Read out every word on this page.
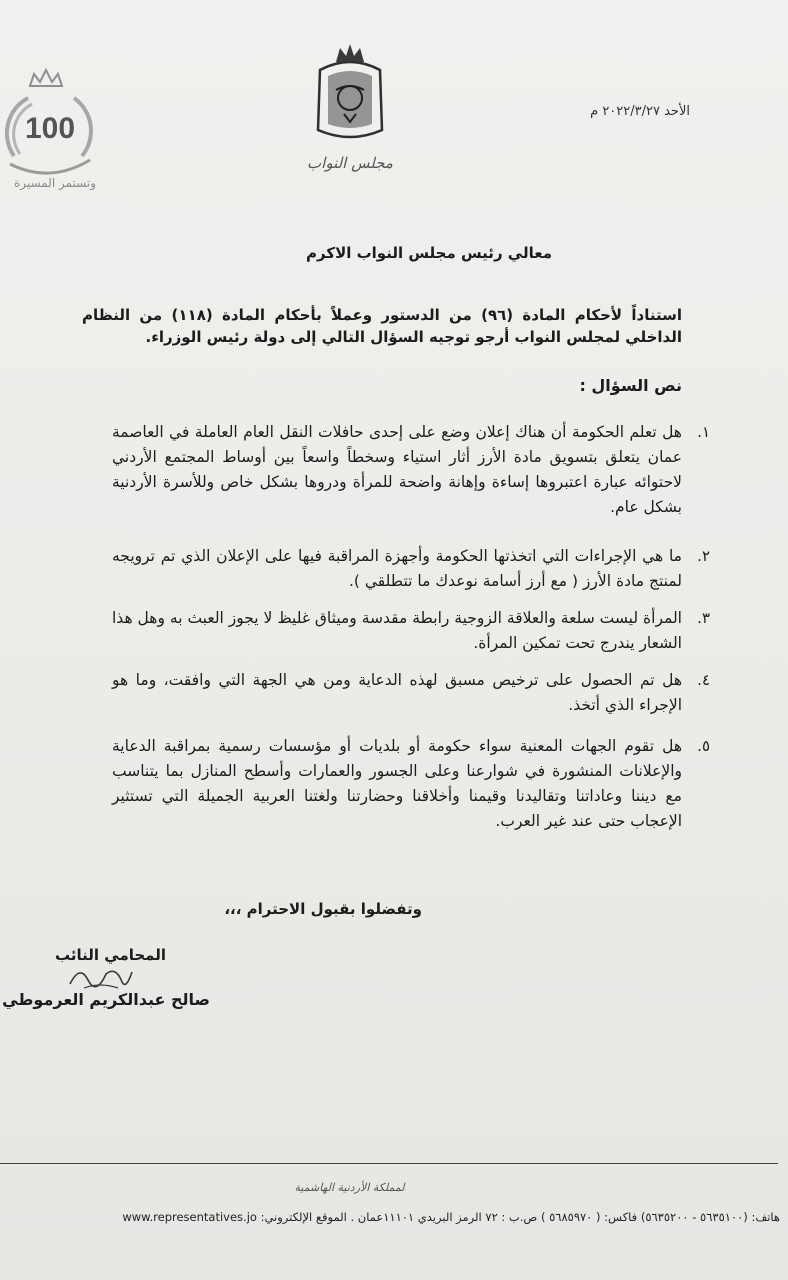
100
وتستمر المسيرة
مجلس النواب
الأحد ٢٠٢٢/٣/٢٧ م
معالي رئيس مجلس النواب الاكرم
استناداً لأحكام المادة (٩٦) من الدستور وعملاً بأحكام المادة (١١٨) من النظام الداخلي لمجلس النواب أرجو توجيه السؤال التالي إلى دولة رئيس الوزراء.
نص السؤال :
١.
هل تعلم الحكومة أن هناك إعلان وضع على إحدى حافلات النقل العام العاملة في العاصمة عمان يتعلق بتسويق مادة الأرز أثار استياء وسخطاً واسعاً بين أوساط المجتمع الأردني لاحتوائه عبارة اعتبروها إساءة وإهانة واضحة للمرأة ودروها بشكل خاص وللأسرة الأردنية بشكل عام.
٢.
ما هي الإجراءات التي اتخذتها الحكومة وأجهزة المراقبة فيها على الإعلان الذي تم ترويجه لمنتج مادة الأرز ( مع أرز أسامة نوعدك ما تتطلقي ).
٣.
المرأة ليست سلعة والعلاقة الزوجية رابطة مقدسة وميثاق غليظ لا يجوز العبث به وهل هذا الشعار يندرج تحت تمكين المرأة.
٤.
هل تم الحصول على ترخيص مسبق لهذه الدعاية ومن هي الجهة التي وافقت، وما هو الإجراء الذي أتخذ.
٥.
هل تقوم الجهات المعنية سواء حكومة أو بلديات أو مؤسسات رسمية بمراقبة الدعاية والإعلانات المنشورة في شوارعنا وعلى الجسور والعمارات وأسطح المنازل بما يتناسب مع ديننا وعاداتنا وتقاليدنا وقيمنا وأخلاقنا وحضارتنا ولغتنا العربية الجميلة التي تستثير الإعجاب حتى عند غير العرب.
وتفضلوا بقبول الاحترام ،،،
المحامي النائب
صالح عبدالكريم العرموطي
المملكة الأردنية الهاشمية
هاتف: (٥٦٣٥١٠٠ - ٥٦٣٥٢٠٠) فاكس: ( ٥٦٨٥٩٧٠ ) ص.ب : ٧٢ الرمز البريدي ١١١٠١عمان . الموقع الإلكتروني: www.representatives.jo
